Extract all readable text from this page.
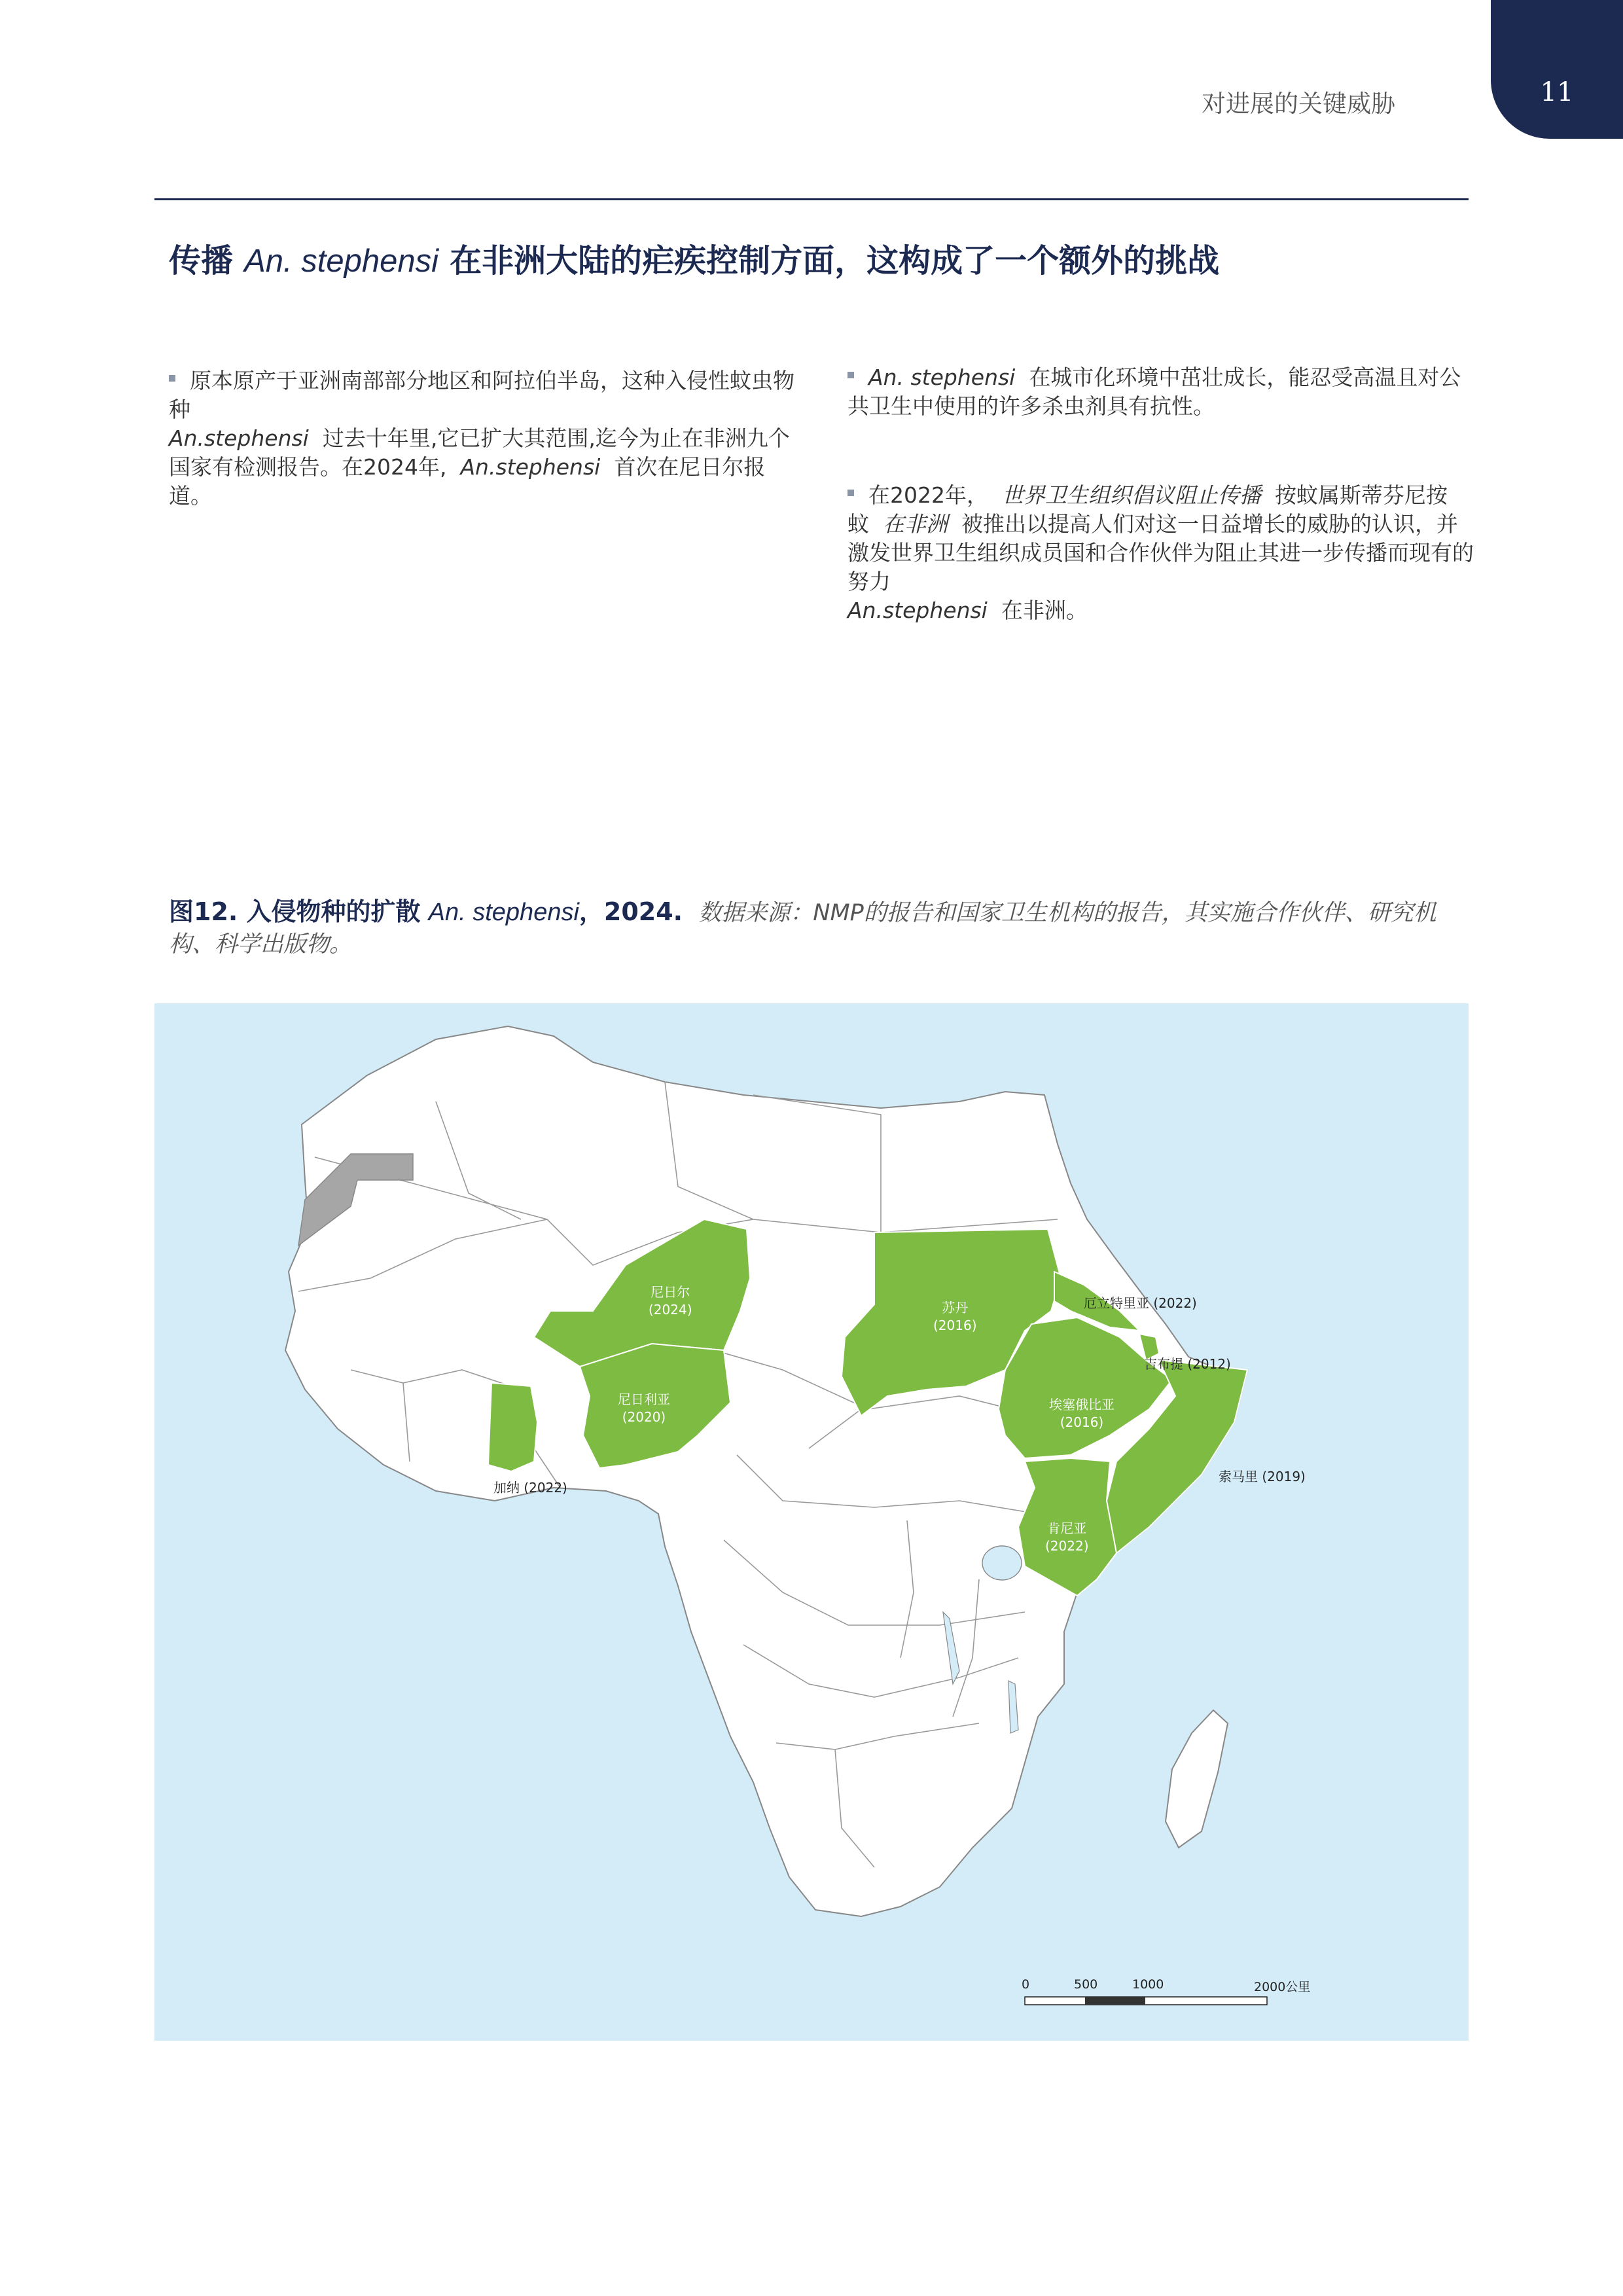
11
对进展的关键威胁
传播 An. stephensi 在非洲大陆的疟疾控制方面，这构成了一个额外的挑战

原本原产于亚洲南部部分地区和阿拉伯半岛，这种入侵性蚊虫物种
An.stephensi 过去十年里,它已扩大其范围,迄今为止在非洲九个国家有检测报告。在2024年, An.stephensi 首次在尼日尔报道。

An. stephensi 在城市化环境中茁壮成长，能忍受高温且对公共卫生中使用的许多杀虫剂具有抗性。

在2022年， 世界卫生组织倡议阻止传播 按蚊属斯蒂芬尼按蚊 在非洲 被推出以提高人们对这一日益增长的威胁的认识，并激发世界卫生组织成员国和合作伙伴为阻止其进一步传播而现有的努力
An.stephensi 在非洲。

图12. 入侵物种的扩散 An. stephensi，2024. 数据来源：NMP的报告和国家卫生机构的报告，其实施合作伙伴、研究机构、科学出版物。
尼日尔
(2024)
尼日利亚
(2020)
加纳 (2022)
苏丹
(2016)
厄立特里亚 (2022)
吉布提 (2012)
埃塞俄比亚
(2016)
索马里 (2019)
肯尼亚
(2022)
0	500	1000	2000公里
